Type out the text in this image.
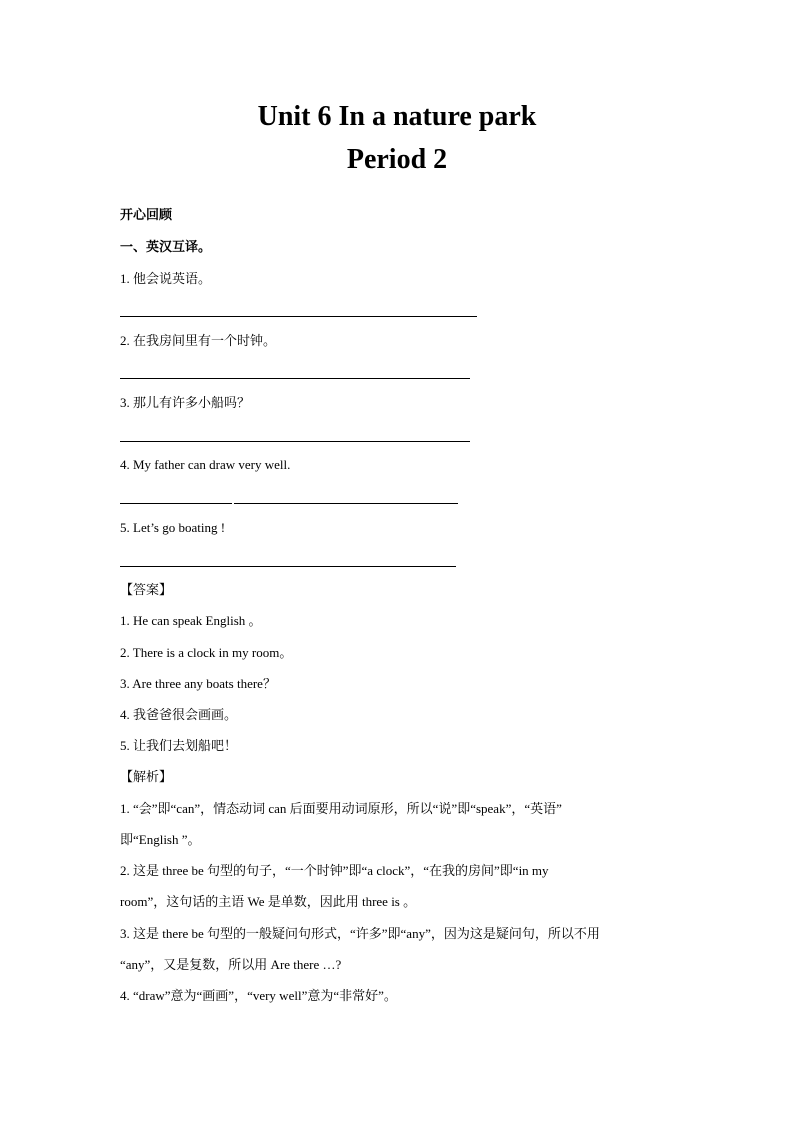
Unit 6 In a nature park
Period 2
开心回顾
一、英汉互译。
1. 他会说英语。
2. 在我房间里有一个时钟。
3. 那儿有许多小船吗？
4. My father can draw very well.
5. Let’s go boating !
【答案】
1. He can speak English 。
2. There is a clock in my room。
3. Are three any boats there？
4. 我爸爸很会画画。
5. 让我们去划船吧！
【解析】
1. “会”即“can”，情态动词 can 后面要用动词原形，所以“说”即“speak”，“英语”
即“English ”。
2. 这是 three be 句型的句子，“一个时钟”即“a clock”，“在我的房间”即“in my
room”，这句话的主语 We 是单数，因此用 three is 。
3. 这是 there be 句型的一般疑问句形式，“许多”即“any”，因为这是疑问句，所以不用
“any”，又是复数，所以用 Are there …?
4. “draw”意为“画画”，“very well”意为“非常好”。
